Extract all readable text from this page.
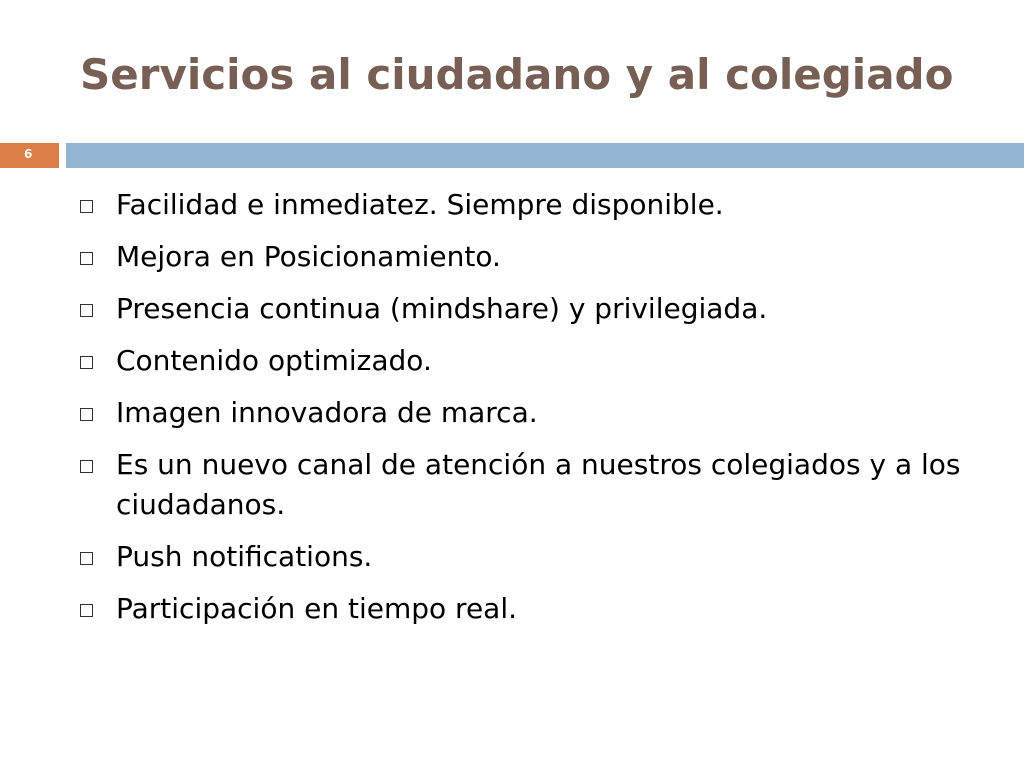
Servicios al ciudadano y al colegiado
6
Facilidad e inmediatez. Siempre disponible.
Mejora en Posicionamiento.
Presencia continua (mindshare) y privilegiada.
Contenido optimizado.
Imagen innovadora de marca.
Es un nuevo canal de atención a nuestros colegiados y a los ciudadanos.
Push notifications.
Participación en tiempo real.
